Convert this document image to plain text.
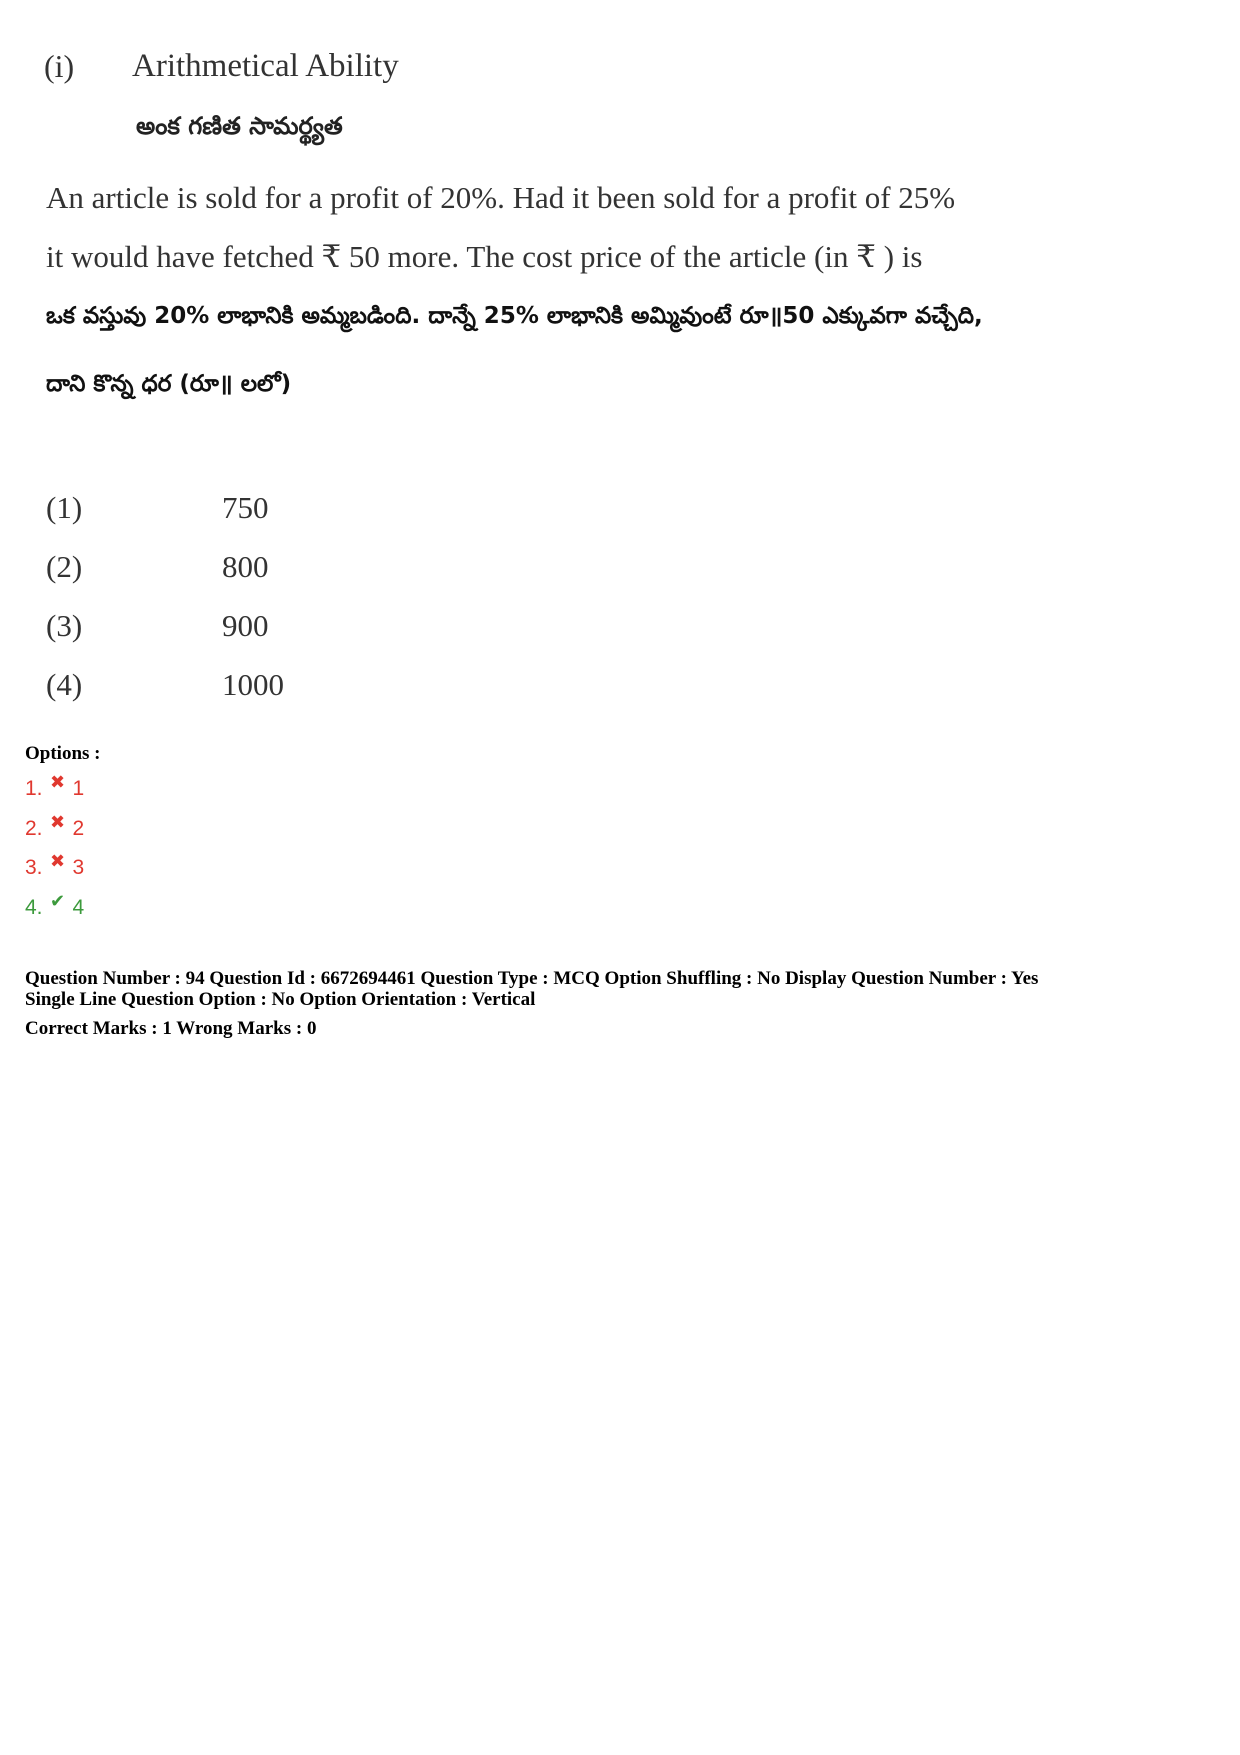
(i) Arithmetical Ability
అంక గణిత సామర్థ్యత
An article is sold for a profit of 20%. Had it been sold for a profit of 25%
it would have fetched ₹ 50 more. The cost price of the article (in ₹ ) is
ఒక వస్తువు 20% లాభానికి అమ్మబడింది. దాన్నే 25% లాభానికి అమ్మివుంటే రూ॥50 ఎక్కువగా వచ్చేది,
దాని కొన్న ధర (రూ॥ లలో)
(1)	750
(2)	800
(3)	900
(4)	1000
Options :
1. ✖ 1
2. ✖ 2
3. ✖ 3
4. ✔ 4
Question Number : 94 Question Id : 6672694461 Question Type : MCQ Option Shuffling : No Display Question Number : Yes
Single Line Question Option : No Option Orientation : Vertical
Correct Marks : 1 Wrong Marks : 0
